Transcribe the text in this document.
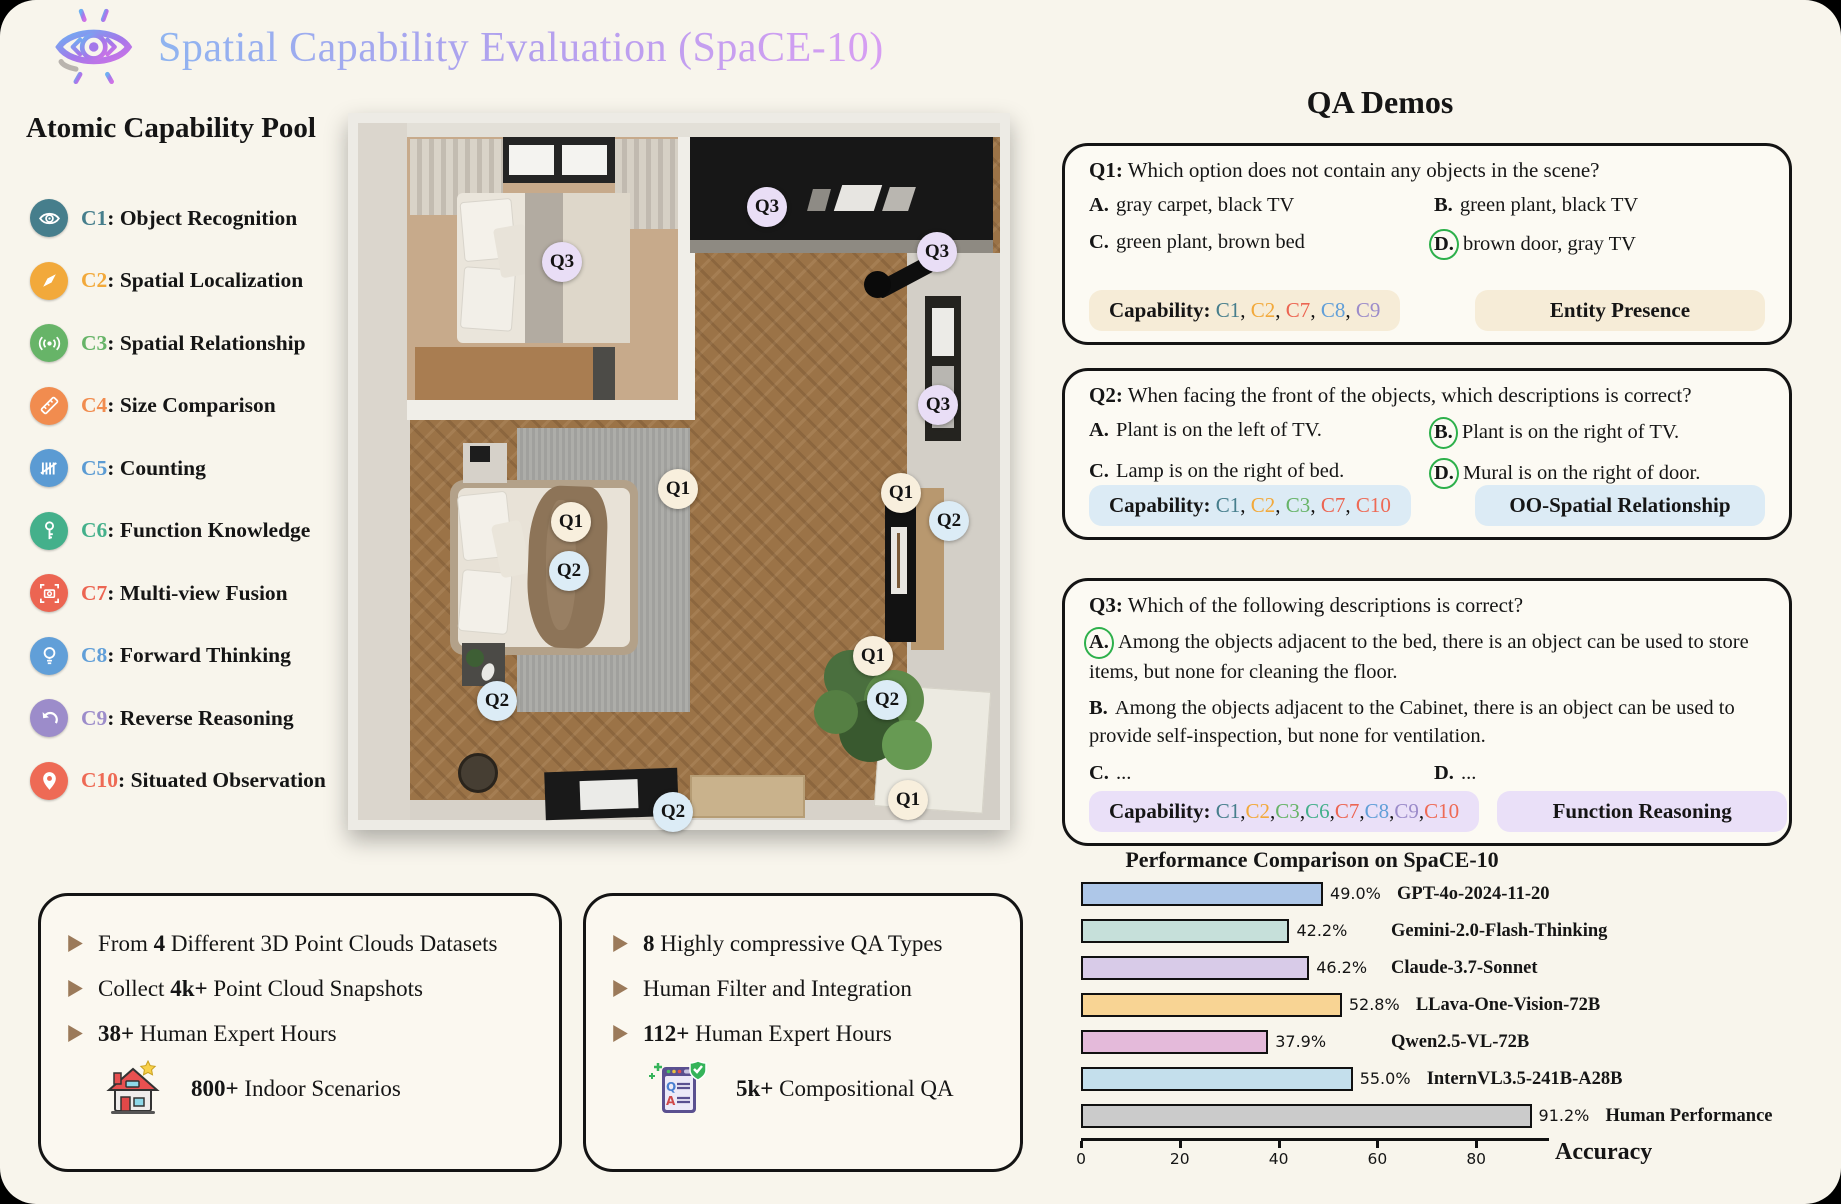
Spatial Capability Evaluation (SpaCE-10)
Atomic Capability Pool
C1: Object Recognition
C2: Spatial Localization
C3: Spatial Relationship
C4: Size Comparison
C5: Counting
C6: Function Knowledge
C7: Multi-view Fusion
C8: Forward Thinking
C9: Reverse Reasoning
C10: Situated Observation
Q3
Q3
Q3
Q3
Q1
Q1
Q2
Q1
Q2
Q1
Q2
Q2
Q2
Q1
QA Demos
Q1: Which option does not contain any objects in the scene?
A. gray carpet, black TV	B. green plant, black TV
C. green plant, brown bed	D. brown door, gray TV
Capability: C1, C2, C7, C8, C9	Entity Presence
Q2: When facing the front of the objects, which descriptions is correct?
A. Plant is on the left of TV.	B. Plant is on the right of TV.
C. Lamp is on the right of bed.	D. Mural is on the right of door.
Capability: C1, C2, C3, C7, C10	OO-Spatial Relationship
Q3: Which of the following descriptions is correct?
A. Among the objects adjacent to the bed, there is an object can be used to store items, but none for cleaning the floor.
B. Among the objects adjacent to the Cabinet, there is an object can be used to provide self-inspection, but none for ventilation.
C. ...	D. ...
Capability: C1,C2,C3,C6,C7,C8,C9,C10	Function Reasoning
From 4 Different 3D Point Clouds Datasets
Collect 4k+ Point Cloud Snapshots
38+ Human Expert Hours
800+ Indoor Scenarios
8 Highly compressive QA Types
Human Filter and Integration
112+ Human Expert Hours
Q
A	5k+ Compositional QA
Performance Comparison on SpaCE-10
49.0% GPT-4o-2024-11-20
42.2% Gemini-2.0-Flash-Thinking
46.2% Claude-3.7-Sonnet
52.8% LLava-One-Vision-72B
37.9%	Qwen2.5-VL-72B
55.0% InternVL3.5-241B-A28B
91.2% Human Performance
0	20	40	60	80	Accuracy
